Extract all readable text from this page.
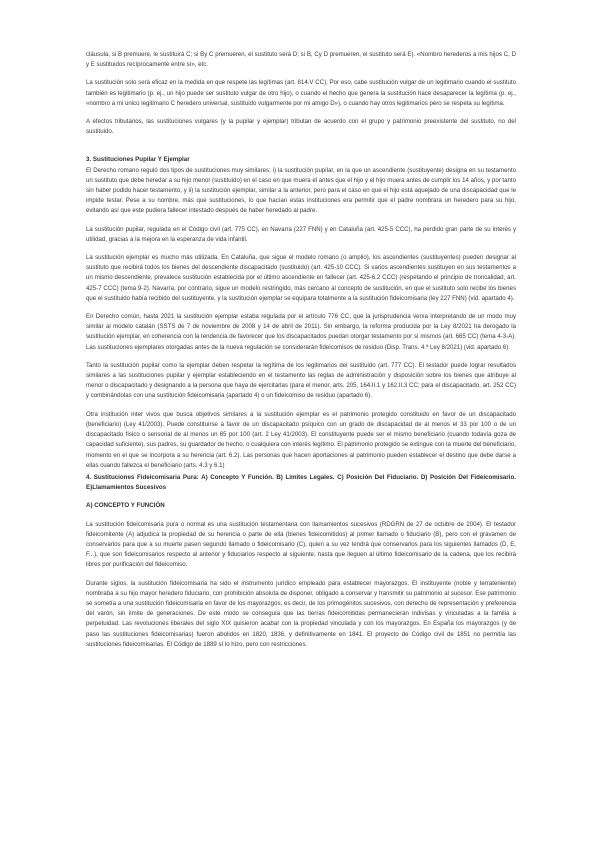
cláusula, si B premuere, le sustituirá C; si By C premueren, el sustituto será D; si B, Cy D premueren, el sustituto será E). «Nombro herederos a mis hijos C, D y E sustituidos recíprocamente entre sí», etc.

La sustitución solo será eficaz en la medida en que respete las legítimas (art. 814.V CC). Por eso, cabe sustitución vulgar de un legitimario cuando el sustituto también es legitimario (p. ej., un hijo puede ser sustituto vulgar de otro hijo), o cuando el hecho que genera la sustitución hace desaparecer la legítima (p. ej., «nombro a mi único legitimario C heredero universal, sustituido vulgarmente por mi amigo D»), o cuando hay otros legitimarios pero se respeta su legítima.

A efectos tributarios, las sustituciones vulgares (y la pupilar y ejemplar) tributan de acuerdo con el grupo y patrimonio preexistente del sustituto, no del sustituido.

3. Sustituciones Pupilar Y Ejemplar

El Derecho romano reguló dos tipos de sustituciones muy similares: i) la sustitución pupilar, en la que un ascendiente (sustituyente) designa en su testamento un sustituto que debe heredar a su hijo menor (sustituido) en el caso en que muera él antes que el hijo y el hijo muera antes de cumplir los 14 años, y por tanto sin haber podido hacer testamento, y ii) la sustitución ejemplar, similar a la anterior, pero para el caso en que el hijo está aquejado de una discapacidad que le impide testar. Pese a su nombre, más que sustituciones, lo que hacían estas instituciones era permitir que el padre nombrara un heredero para su hijo, evitando así que este pudiera fallecer intestado después de haber heredado al padre.

La sustitución pupilar, regulada en el Código civil (art. 775 CC), en Navarra (227 FNN) y en Cataluña (art. 425-5 CCC), ha perdido gran parte de su interés y utilidad, gracias a la mejora en la esperanza de vida infantil.

La sustitución ejemplar es mucho más utilizada. En Cataluña, que sigue el modelo romano (o amplio), los ascendientes (sustituyentes) pueden designar al sustituto que recibirá todos los bienes del descendiente discapacitado (sustituido) (art. 425-10 CCC). Si varios ascendientes sustituyen en sus testamentos a un mismo descendiente, prevalece sustitución establecida por el último ascendiente en fallecer (art. 425-6.2 CCC) (respetando el principio de troncalidad, art. 425-7 CCC) (tema 9-2). Navarra, por contrario, sigue un modelo restringido, más cercano al concepto de sustitución, en que el sustituto solo recibe los bienes que el sustituido había recibido del sustituyente, y la sustitución ejemplar se equipara totalmente a la sustitución fideicomisaria (ley 227 FNN) (vid. apartado 4).

En Derecho común, hasta 2021 la sustitución ejemplar estaba regulada por el artículo 776 CC, que la jurisprudencia venía interpretando de un modo muy similar al modelo catalán (SSTS de 7 de noviembre de 2008 y 14 de abril de 2011). Sin embargo, la reforma producida por la Ley 8/2021 ha derogado la sustitución ejemplar, en coherencia con la tendencia de favorecer que los discapacitados puedan otorgar testamento por sí mismos (art. 665 CC) (tema 4-3-A). Las sustituciones ejemplares otorgadas antes de la nueva regulación se considerarán fideicomisos de residuo (Disp. Trans. 4.ª Ley 8/2021) (vid. apartado 6).

Tanto la sustitución pupilar como la ejemplar deben respetar la legítima de los legitimarios del sustituido (art. 777 CC). El testador puede lograr resultados similares a las sustituciones pupilar y ejemplar estableciendo en el testamento las reglas de administración y disposición sobre los bienes que atribuye al menor o discapacitado y designando a la persona que haya de ejercitarlas (para el menor, arts. 205, 164.II.1 y 162.II.3 CC; para el discapacitado, art. 252 CC) y combinándolas con una sustitución fideicomisaria (apartado 4) o un fideicomiso de residuo (apartado 6).

Otra institución inter vivos que busca objetivos similares a la sustitución ejemplar es el patrimonio protegido constituido en favor de un discapacitado (beneficiario) (Ley 41/2003). Puede constituirse a favor de un discapacitado psíquico con un grado de discapacidad de al menos el 33 por 100 o de un discapacitado físico o sensorial de al menos un 65 por 100 (art. 2 Ley 41/2003). El constituyente puede ser el mismo beneficiario (cuando todavía goza de capacidad suficiente), sus padres, su guardador de hecho, o cualquiera con interés legítimo. El patrimonio protegido se extingue con la muerte del beneficiario, momento en el que se incorpora a su herencia (art. 6.2). Las personas que hacen aportaciones al patrimonio pueden establecer el destino que debe darse a ellas cuando fallezca el beneficiario (arts. 4.3 y 6.1)

4. Sustituciones Fideicomisaria Pura: A) Concepto Y Función. B) Límites Legales. C) Posición Del Fiduciario. D) Posición Del Fideicomisario. E)Llamamientos Sucesivos
A) CONCEPTO Y FUNCIÓN

La sustitución fideicomisaria pura o normal es una sustitución testamentaria con llamamientos sucesivos (RDGRN de 27 de octubre de 2004). El testador fideicomitente (A) adjudica la propiedad de su herencia o parte de ella (bienes fideicomitidos) al primer llamado o fiduciario (B), pero con el gravamen de conservarlos para que a su muerte pasen segundo llamado o fideicomisario (C), quien a su vez tendrá que conservarlos para los siguientes llamados (D, E, F...), que son fideicomisarios respecto al anterior y fiduciarios respecto al siguiente, hasta que lleguen al último fideicomisario de la cadena, que los recibirá libres por purificación del fideicomiso.

Durante siglos, la sustitución fideicomisaria ha sido el instrumento jurídico empleado para establecer mayorazgos. El instituyente (noble y terrateniente) nombraba a su hijo mayor heredero fiduciario, con prohibición absoluta de disponer, obligado a conservar y transmitir su patrimonio al sucesor. Ese patrimonio se sometía a una sustitución fideicomisaria en favor de los mayorazgos, es decir, de los primogénitos sucesivos, con derecho de representación y preferencia del varón, sin límite de generaciones. De este modo se conseguía que las tierras fideicomitidas permanecieran indivisas y vinculadas a la familia a perpetuidad. Las revoluciones liberales del siglo XIX quisieron acabar con la propiedad vinculada y con los mayorazgos. En España los mayorazgos (y de paso las sustituciones fideicomisarias) fueron abolidos en 1820, 1836, y definitivamente en 1841. El proyecto de Código civil de 1851 no permitía las sustituciones fideicomisarias. El Código de 1889 sí lo hizo, pero con restricciones.
